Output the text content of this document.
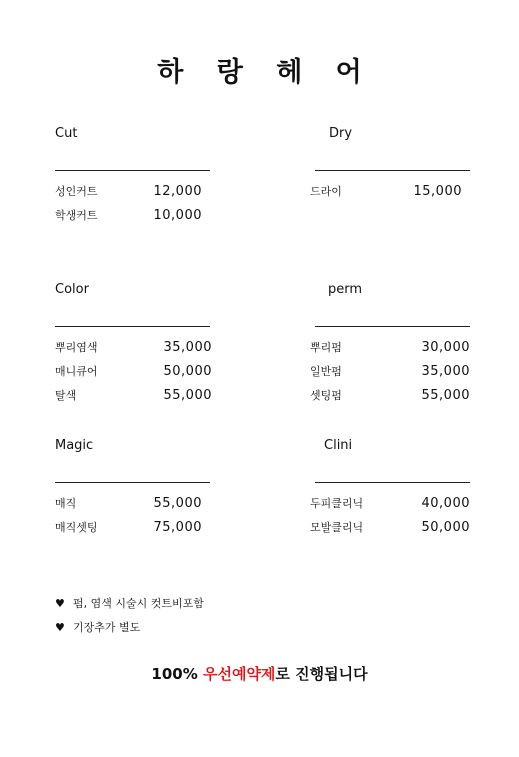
하 랑 헤 어
Cut
성인커트	12,000
학생커트	10,000
Dry
드라이	15,000
Color
뿌리염색	35,000
매니큐어	50,000
탈색	55,000
perm
뿌리펌	30,000
일반펌	35,000
셋팅펌	55,000
Magic
매직	55,000
매직셋팅	75,000
Clini
두피클리닉	40,000
모발클리닉	50,000
♥ 펌, 염색 시술시 컷트비포함
♥ 기장추가 별도
100% 우선예약제로 진행됩니다
